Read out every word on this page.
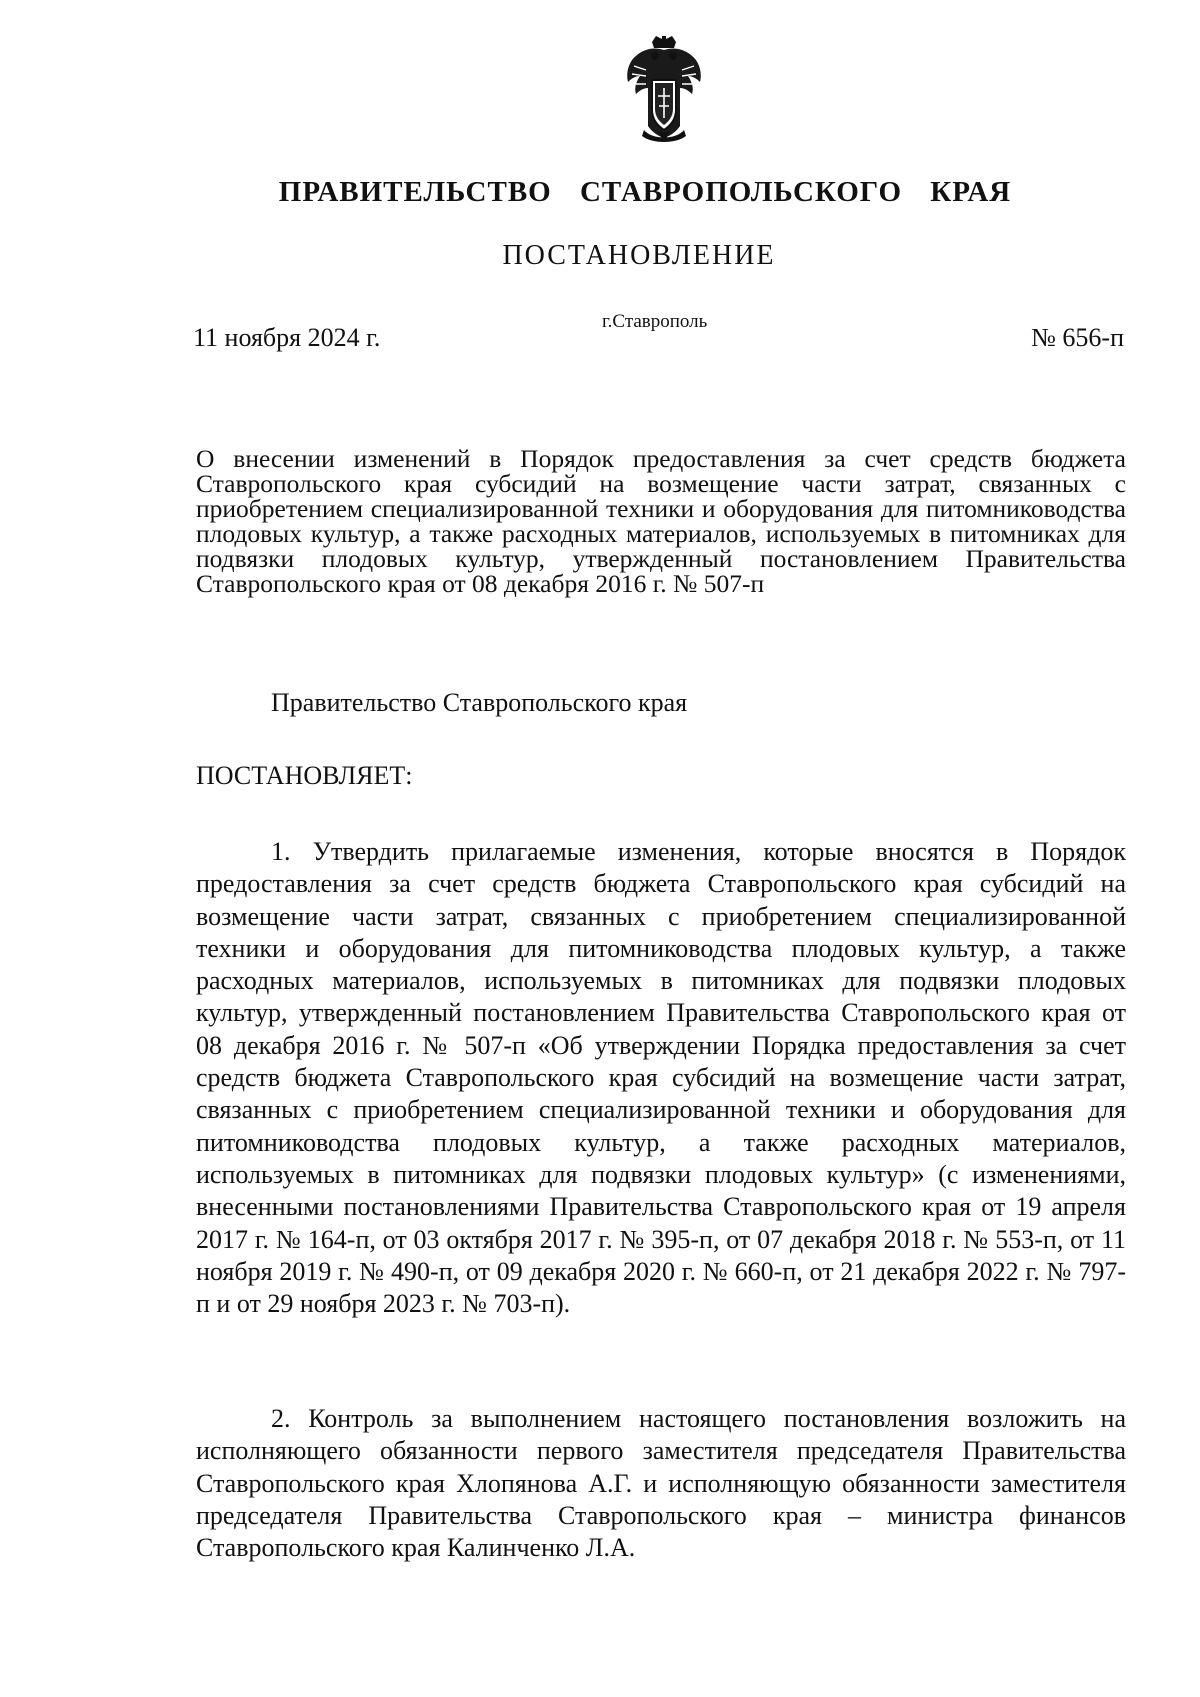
ПРАВИТЕЛЬСТВО СТАВРОПОЛЬСКОГО КРАЯ
ПОСТАНОВЛЕНИЕ
11 ноября 2024 г.
г.Ставрополь
№ 656-п
О внесении изменений в Порядок предоставления за счет средств бюджета Ставропольского края субсидий на возмещение части затрат, связанных с приобретением специализированной техники и оборудования для питомниководства плодовых культур, а также расходных материалов, используемых в питомниках для подвязки плодовых культур, утвержденный постановлением Правительства Ставропольского края от 08 декабря 2016 г. № 507-п
Правительство Ставропольского края
ПОСТАНОВЛЯЕТ:
1. Утвердить прилагаемые изменения, которые вносятся в Порядок предоставления за счет средств бюджета Ставропольского края субсидий на возмещение части затрат, связанных с приобретением специализированной техники и оборудования для питомниководства плодовых культур, а также расходных материалов, используемых в питомниках для подвязки плодовых культур, утвержденный постановлением Правительства Ставропольского края от 08 декабря 2016 г. № 507-п «Об утверждении Порядка предоставления за счет средств бюджета Ставропольского края субсидий на возмещение части затрат, связанных с приобретением специализированной техники и оборудования для питомниководства плодовых культур, а также расходных материалов, используемых в питомниках для подвязки плодовых культур» (с изменениями, внесенными постановлениями Правительства Ставропольского края от 19 апреля 2017 г. № 164-п, от 03 октября 2017 г. № 395-п, от 07 декабря 2018 г. № 553-п, от 11 ноября 2019 г. № 490-п, от 09 декабря 2020 г. № 660-п, от 21 декабря 2022 г. № 797-п и от 29 ноября 2023 г. № 703-п).
2. Контроль за выполнением настоящего постановления возложить на исполняющего обязанности первого заместителя председателя Правительства Ставропольского края Хлопянова А.Г. и исполняющую обязанности заместителя председателя Правительства Ставропольского края – министра финансов Ставропольского края Калинченко Л.А.
